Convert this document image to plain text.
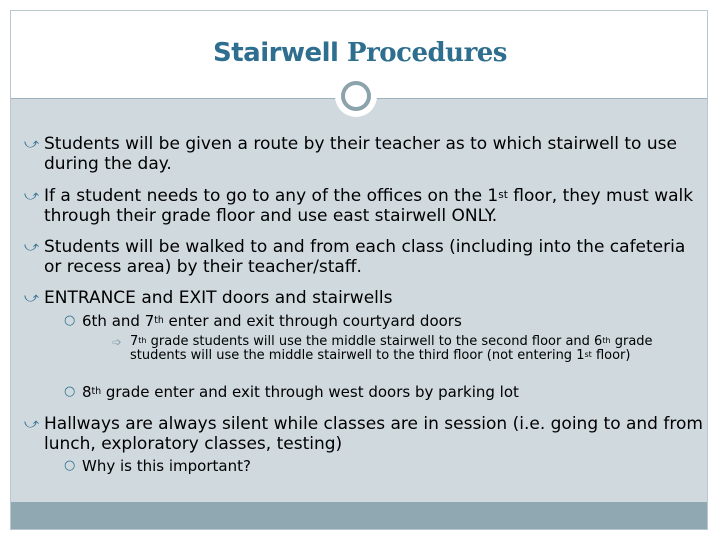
Stairwell Procedures
⤻ Students will be given a route by their teacher as to which stairwell to use during the day.
⤻ If a student needs to go to any of the offices on the 1st floor, they must walk through their grade floor and use east stairwell ONLY.
⤻ Students will be walked to and from each class (including into the cafeteria or recess area) by their teacher/staff.
⤻ ENTRANCE and EXIT doors and stairwells
○ 6th and 7th enter and exit through courtyard doors
➩ 7th grade students will use the middle stairwell to the second floor and 6th grade students will use the middle stairwell to the third floor (not entering 1st floor)
○ 8th grade enter and exit through west doors by parking lot
⤻ Hallways are always silent while classes are in session (i.e. going to and from lunch, exploratory classes, testing)
○ Why is this important?
